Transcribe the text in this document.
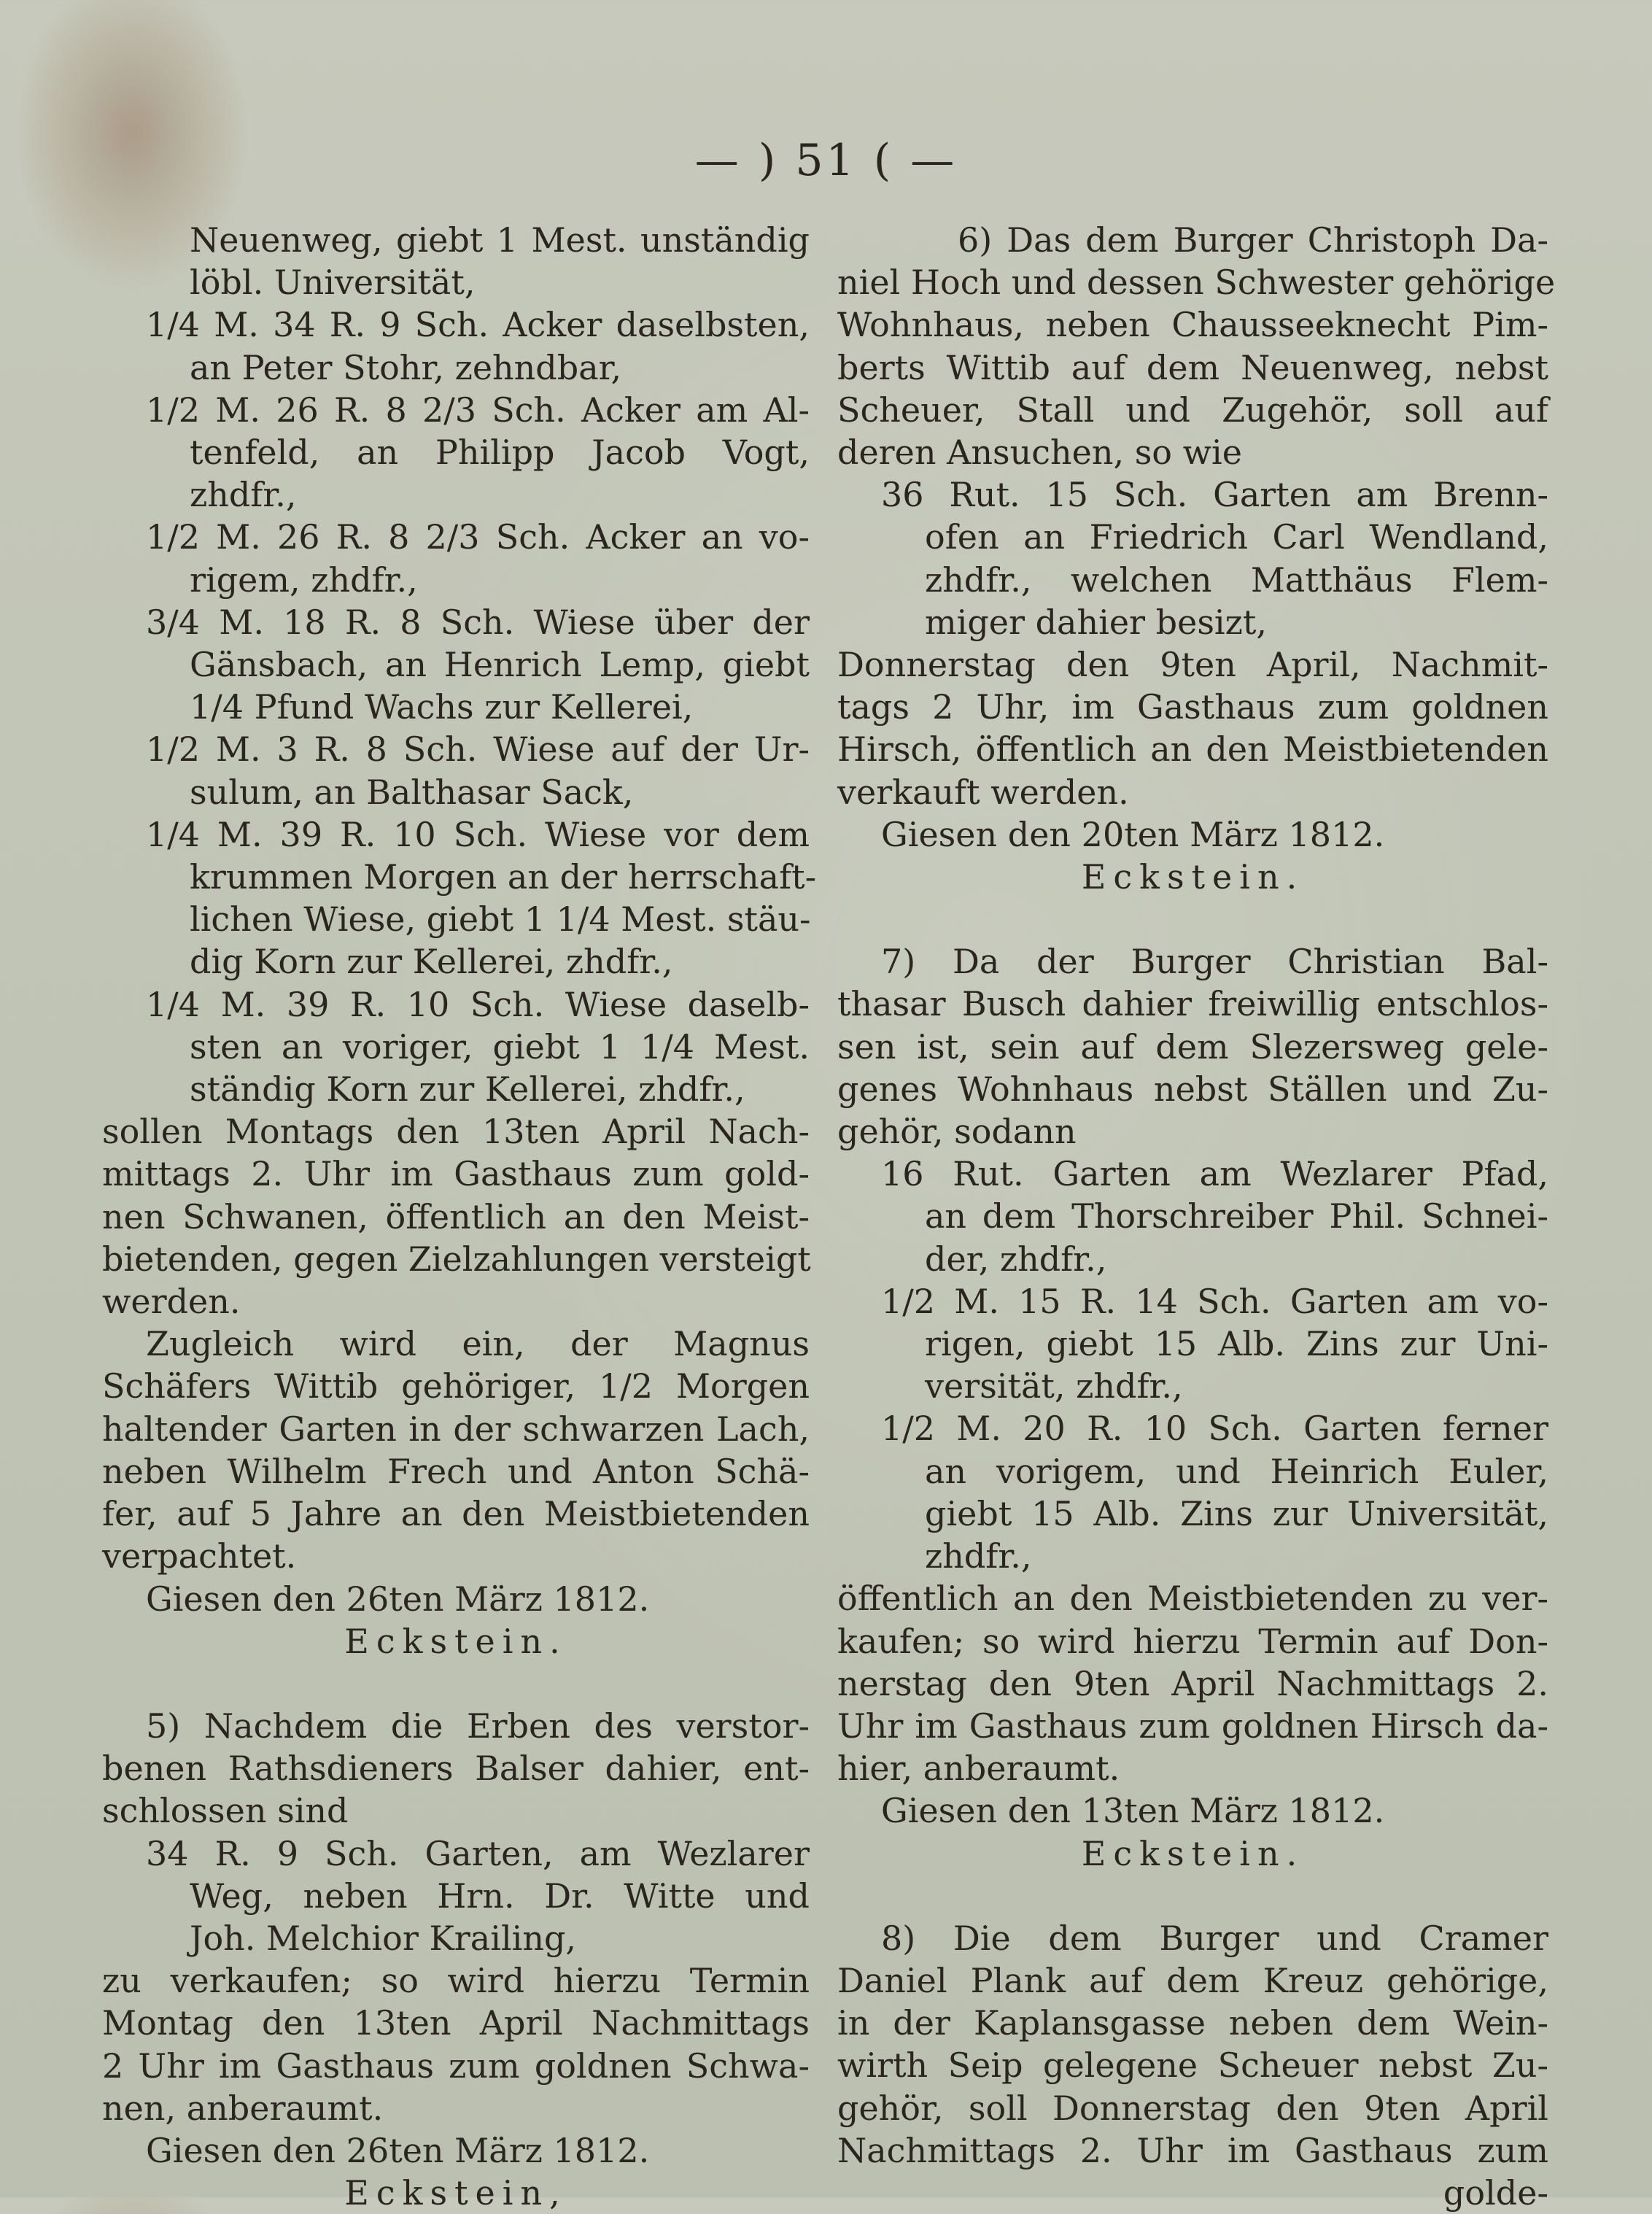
— ) 51 ( —
Neuenweg, giebt 1 Mest. unständig
löbl. Universität,
1/4 M. 34 R. 9 Sch. Acker daselbsten,
an Peter Stohr, zehndbar,
1/2 M. 26 R. 8 2/3 Sch. Acker am Al-
tenfeld, an Philipp Jacob Vogt,
zhdfr.,
1/2 M. 26 R. 8 2/3 Sch. Acker an vo-
rigem, zhdfr.,
3/4 M. 18 R. 8 Sch. Wiese über der
Gänsbach, an Henrich Lemp, giebt
1/4 Pfund Wachs zur Kellerei,
1/2 M. 3 R. 8 Sch. Wiese auf der Ur-
sulum, an Balthasar Sack,
1/4 M. 39 R. 10 Sch. Wiese vor dem
krummen Morgen an der herrschaft-
lichen Wiese, giebt 1 1/4 Mest. stäu-
dig Korn zur Kellerei, zhdfr.,
1/4 M. 39 R. 10 Sch. Wiese daselb-
sten an voriger, giebt 1 1/4 Mest.
ständig Korn zur Kellerei, zhdfr.,
sollen Montags den 13ten April Nach-
mittags 2. Uhr im Gasthaus zum gold-
nen Schwanen, öffentlich an den Meist-
bietenden, gegen Zielzahlungen versteigt
werden.
Zugleich wird ein, der Magnus
Schäfers Wittib gehöriger, 1/2 Morgen
haltender Garten in der schwarzen Lach,
neben Wilhelm Frech und Anton Schä-
fer, auf 5 Jahre an den Meistbietenden
verpachtet.
Giesen den 26ten März 1812.
Eckstein.
5) Nachdem die Erben des verstor-
benen Rathsdieners Balser dahier, ent-
schlossen sind
34 R. 9 Sch. Garten, am Wezlarer
Weg, neben Hrn. Dr. Witte und
Joh. Melchior Krailing,
zu verkaufen; so wird hierzu Termin
Montag den 13ten April Nachmittags
2 Uhr im Gasthaus zum goldnen Schwa-
nen, anberaumt.
Giesen den 26ten März 1812.
Eckstein,
6) Das dem Burger Christoph Da-
niel Hoch und dessen Schwester gehörige
Wohnhaus, neben Chausseeknecht Pim-
berts Wittib auf dem Neuenweg, nebst
Scheuer, Stall und Zugehör, soll auf
deren Ansuchen, so wie
36 Rut. 15 Sch. Garten am Brenn-
ofen an Friedrich Carl Wendland,
zhdfr., welchen Matthäus Flem-
miger dahier besizt,
Donnerstag den 9ten April, Nachmit-
tags 2 Uhr, im Gasthaus zum goldnen
Hirsch, öffentlich an den Meistbietenden
verkauft werden.
Giesen den 20ten März 1812.
Eckstein.
7) Da der Burger Christian Bal-
thasar Busch dahier freiwillig entschlos-
sen ist, sein auf dem Slezersweg gele-
genes Wohnhaus nebst Ställen und Zu-
gehör, sodann
16 Rut. Garten am Wezlarer Pfad,
an dem Thorschreiber Phil. Schnei-
der, zhdfr.,
1/2 M. 15 R. 14 Sch. Garten am vo-
rigen, giebt 15 Alb. Zins zur Uni-
versität, zhdfr.,
1/2 M. 20 R. 10 Sch. Garten ferner
an vorigem, und Heinrich Euler,
giebt 15 Alb. Zins zur Universität,
zhdfr.,
öffentlich an den Meistbietenden zu ver-
kaufen; so wird hierzu Termin auf Don-
nerstag den 9ten April Nachmittags 2.
Uhr im Gasthaus zum goldnen Hirsch da-
hier, anberaumt.
Giesen den 13ten März 1812.
Eckstein.
8) Die dem Burger und Cramer
Daniel Plank auf dem Kreuz gehörige,
in der Kaplansgasse neben dem Wein-
wirth Seip gelegene Scheuer nebst Zu-
gehör, soll Donnerstag den 9ten April
Nachmittags 2. Uhr im Gasthaus zum
golde-
